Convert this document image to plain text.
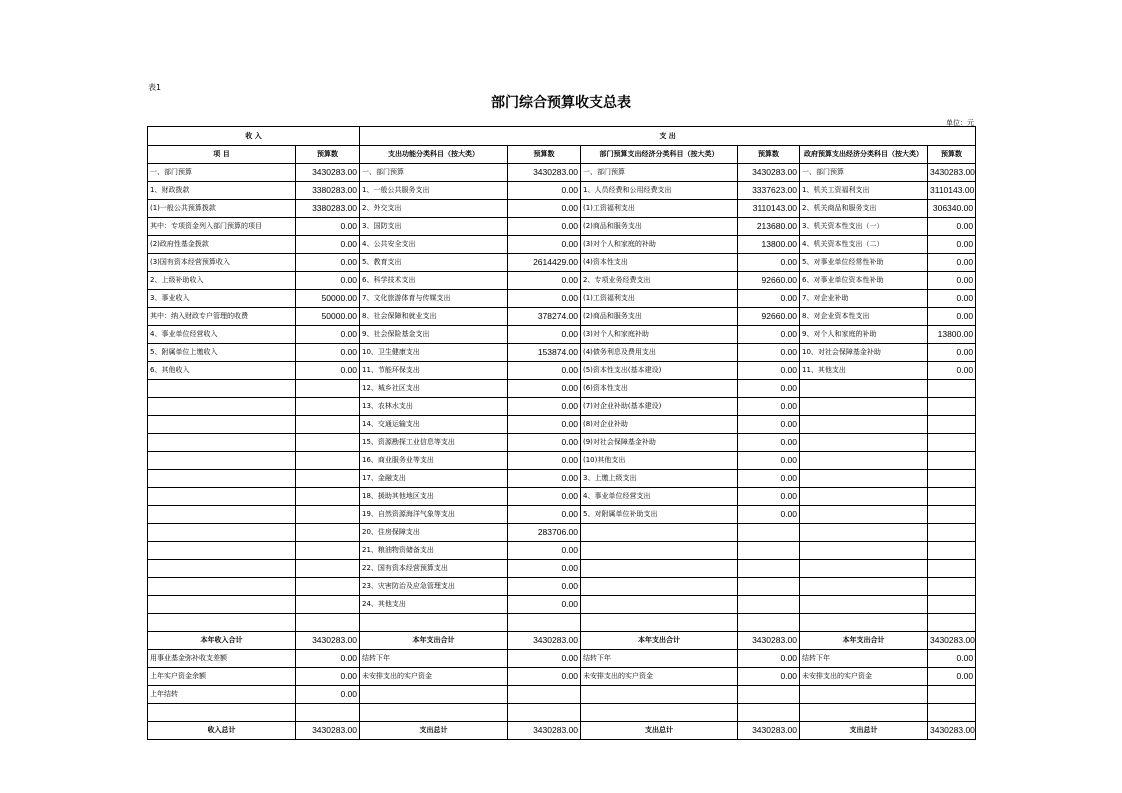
表1
部门综合预算收支总表
单位：元
收 入		支 出					
项 目	预算数	支出功能分类科目（按大类）	预算数	部门预算支出经济分类科目（按大类）	预算数	政府预算支出经济分类科目（按大类）	预算数
一、部门预算	3430283.00	一、部门预算	3430283.00	一、部门预算	3430283.00	一、部门预算	3430283.00
1、财政拨款	3380283.00	1、一般公共服务支出	0.00	1、人员经费和公用经费支出	3337623.00	1、机关工资福利支出	3110143.00
(1)一般公共预算拨款	3380283.00	2、外交支出	0.00	(1)工资福利支出	3110143.00	2、机关商品和服务支出	306340.00
其中：专项资金列入部门预算的项目	0.00	3、国防支出	0.00	(2)商品和服务支出	213680.00	3、机关资本性支出（一）	0.00
(2)政府性基金拨款	0.00	4、公共安全支出	0.00	(3)对个人和家庭的补助	13800.00	4、机关资本性支出（二）	0.00
(3)国有资本经营预算收入	0.00	5、教育支出	2614429.00	(4)资本性支出	0.00	5、对事业单位经常性补助	0.00
2、上级补助收入	0.00	6、科学技术支出	0.00	2、专项业务经费支出	92660.00	6、对事业单位资本性补助	0.00
3、事业收入	50000.00	7、文化旅游体育与传媒支出	0.00	(1)工资福利支出	0.00	7、对企业补助	0.00
其中：纳入财政专户管理的收费	50000.00	8、社会保障和就业支出	378274.00	(2)商品和服务支出	92660.00	8、对企业资本性支出	0.00
4、事业单位经营收入	0.00	9、社会保险基金支出	0.00	(3)对个人和家庭补助	0.00	9、对个人和家庭的补助	13800.00
5、附属单位上缴收入	0.00	10、卫生健康支出	153874.00	(4)债务利息及费用支出	0.00	10、对社会保障基金补助	0.00
6、其他收入	0.00	11、节能环保支出	0.00	(5)资本性支出(基本建设)	0.00	11、其他支出	0.00
		12、城乡社区支出	0.00	(6)资本性支出	0.00		
		13、农林水支出	0.00	(7)对企业补助(基本建设)	0.00		
		14、交通运输支出	0.00	(8)对企业补助	0.00		
		15、资源勘探工业信息等支出	0.00	(9)对社会保障基金补助	0.00		
		16、商业服务业等支出	0.00	(10)其他支出	0.00		
		17、金融支出	0.00	3、上缴上级支出	0.00		
		18、援助其他地区支出	0.00	4、事业单位经营支出	0.00		
		19、自然资源海洋气象等支出	0.00	5、对附属单位补助支出	0.00		
		20、住房保障支出	283706.00				
		21、粮油物资储备支出	0.00				
		22、国有资本经营预算支出	0.00				
		23、灾害防治及应急管理支出	0.00				
		24、其他支出	0.00				

本年收入合计	3430283.00	本年支出合计	3430283.00	本年支出合计	3430283.00	本年支出合计	3430283.00
用事业基金弥补收支差额	0.00	结转下年	0.00	结转下年	0.00	结转下年	0.00
上年实户资金余额	0.00	未安排支出的实户资金	0.00	未安排支出的实户资金	0.00	未安排支出的实户资金	0.00
上年结转	0.00						

收入总计	3430283.00	支出总计	3430283.00	支出总计	3430283.00	支出总计	3430283.00
